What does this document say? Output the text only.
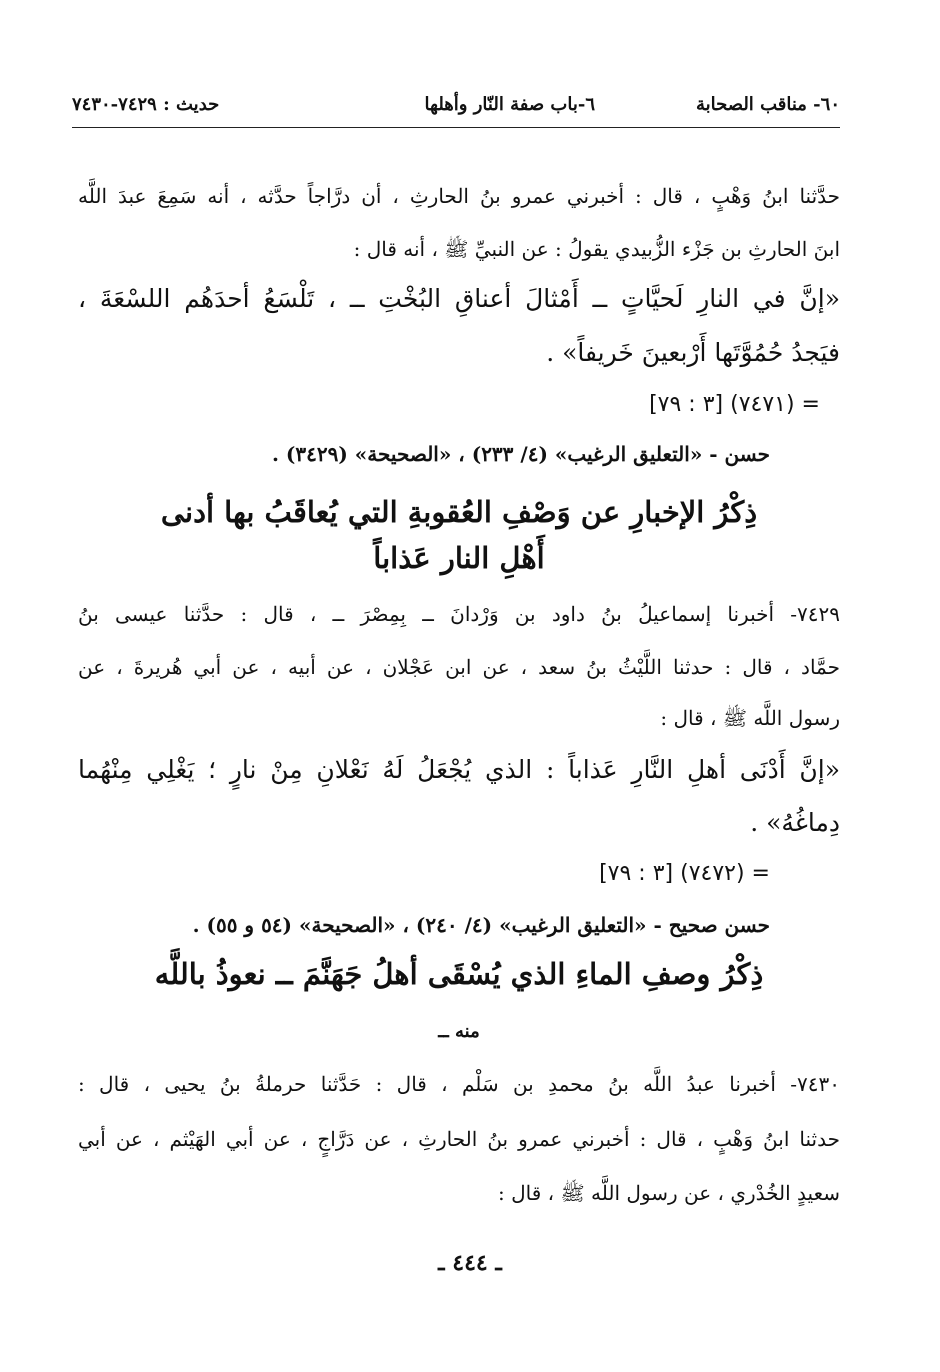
٦٠- مناقب الصحابة
٦-باب صفة النّار وأهلها
حديث : ٧٤٢٩-٧٤٣٠
حدَّثنا ابنُ وَهْبٍ ، قال : أخبرني عمرو بنُ الحارثِ ، أن درَّاجاً حدَّثه ، أنه سَمِعَ عبدَ اللَّه
ابنَ الحارثِ بن جَزْء الزُّبيدي يقولُ : عن النبيِّ ﷺ ، أنه قال :
«إنَّ في النارِ لَحيَّاتٍ ــ أَمْثالَ أعناقِ البُخْتِ ــ ، تَلْسَعُ أحدَهُم اللسْعَةَ ،
فيَجدُ حُمُوَّتَها أَرْبعينَ خَريفاً» .
= (٧٤٧١) [٣ : ٧٩]
حسن - «التعليق الرغيب» (٤/ ٢٣٣) ، «الصحيحة» (٣٤٢٩) .
ذِكْرُ الإخبارِ عن وَصْفِ العُقوبةِ التي يُعاقَبُ بها أدنى
أَهْلِ النار عَذاباً
٧٤٢٩- أخبرنا إسماعيلُ بنُ داود بن وَرْدانَ ــ بِمِصْرَ ــ ، قال : حدَّثنا عيسى بنُ
حمَّاد ، قال : حدثنا اللَّيْثُ بنُ سعد ، عن ابن عَجْلان ، عن أبيه ، عن أبي هُريرةَ ، عن
رسول اللَّه ﷺ ، قال :
«إنَّ أَدْنَى أهلِ النَّارِ عَذاباً : الذي يُجْعَلُ لَهُ نَعْلانِ مِنْ نارٍ ؛ يَغْلِي مِنْهُما
دِماغُهُ» .
= (٧٤٧٢) [٣ : ٧٩]
حسن صحيح - «التعليق الرغيب» (٤/ ٢٤٠) ، «الصحيحة» (٥٤ و ٥٥) .
ذِكْرُ وصفِ الماءِ الذي يُسْقَى أهلُ جَهَنَّمَ ــ نعوذُ باللَّه
منه ــ
٧٤٣٠- أخبرنا عبدُ اللَّه بنُ محمدِ بن سَلْم ، قال : حَدَّثنا حرملةُ بنُ يحيى ، قال :
حدثنا ابنُ وَهْبٍ ، قال : أخبرني عمرو بنُ الحارثِ ، عن دَرَّاجٍ ، عن أبي الهَيْثم ، عن أبي
سعيدٍ الخُدْري ، عن رسول اللَّه ﷺ ، قال :
ـ ٤٤٤ ـ
